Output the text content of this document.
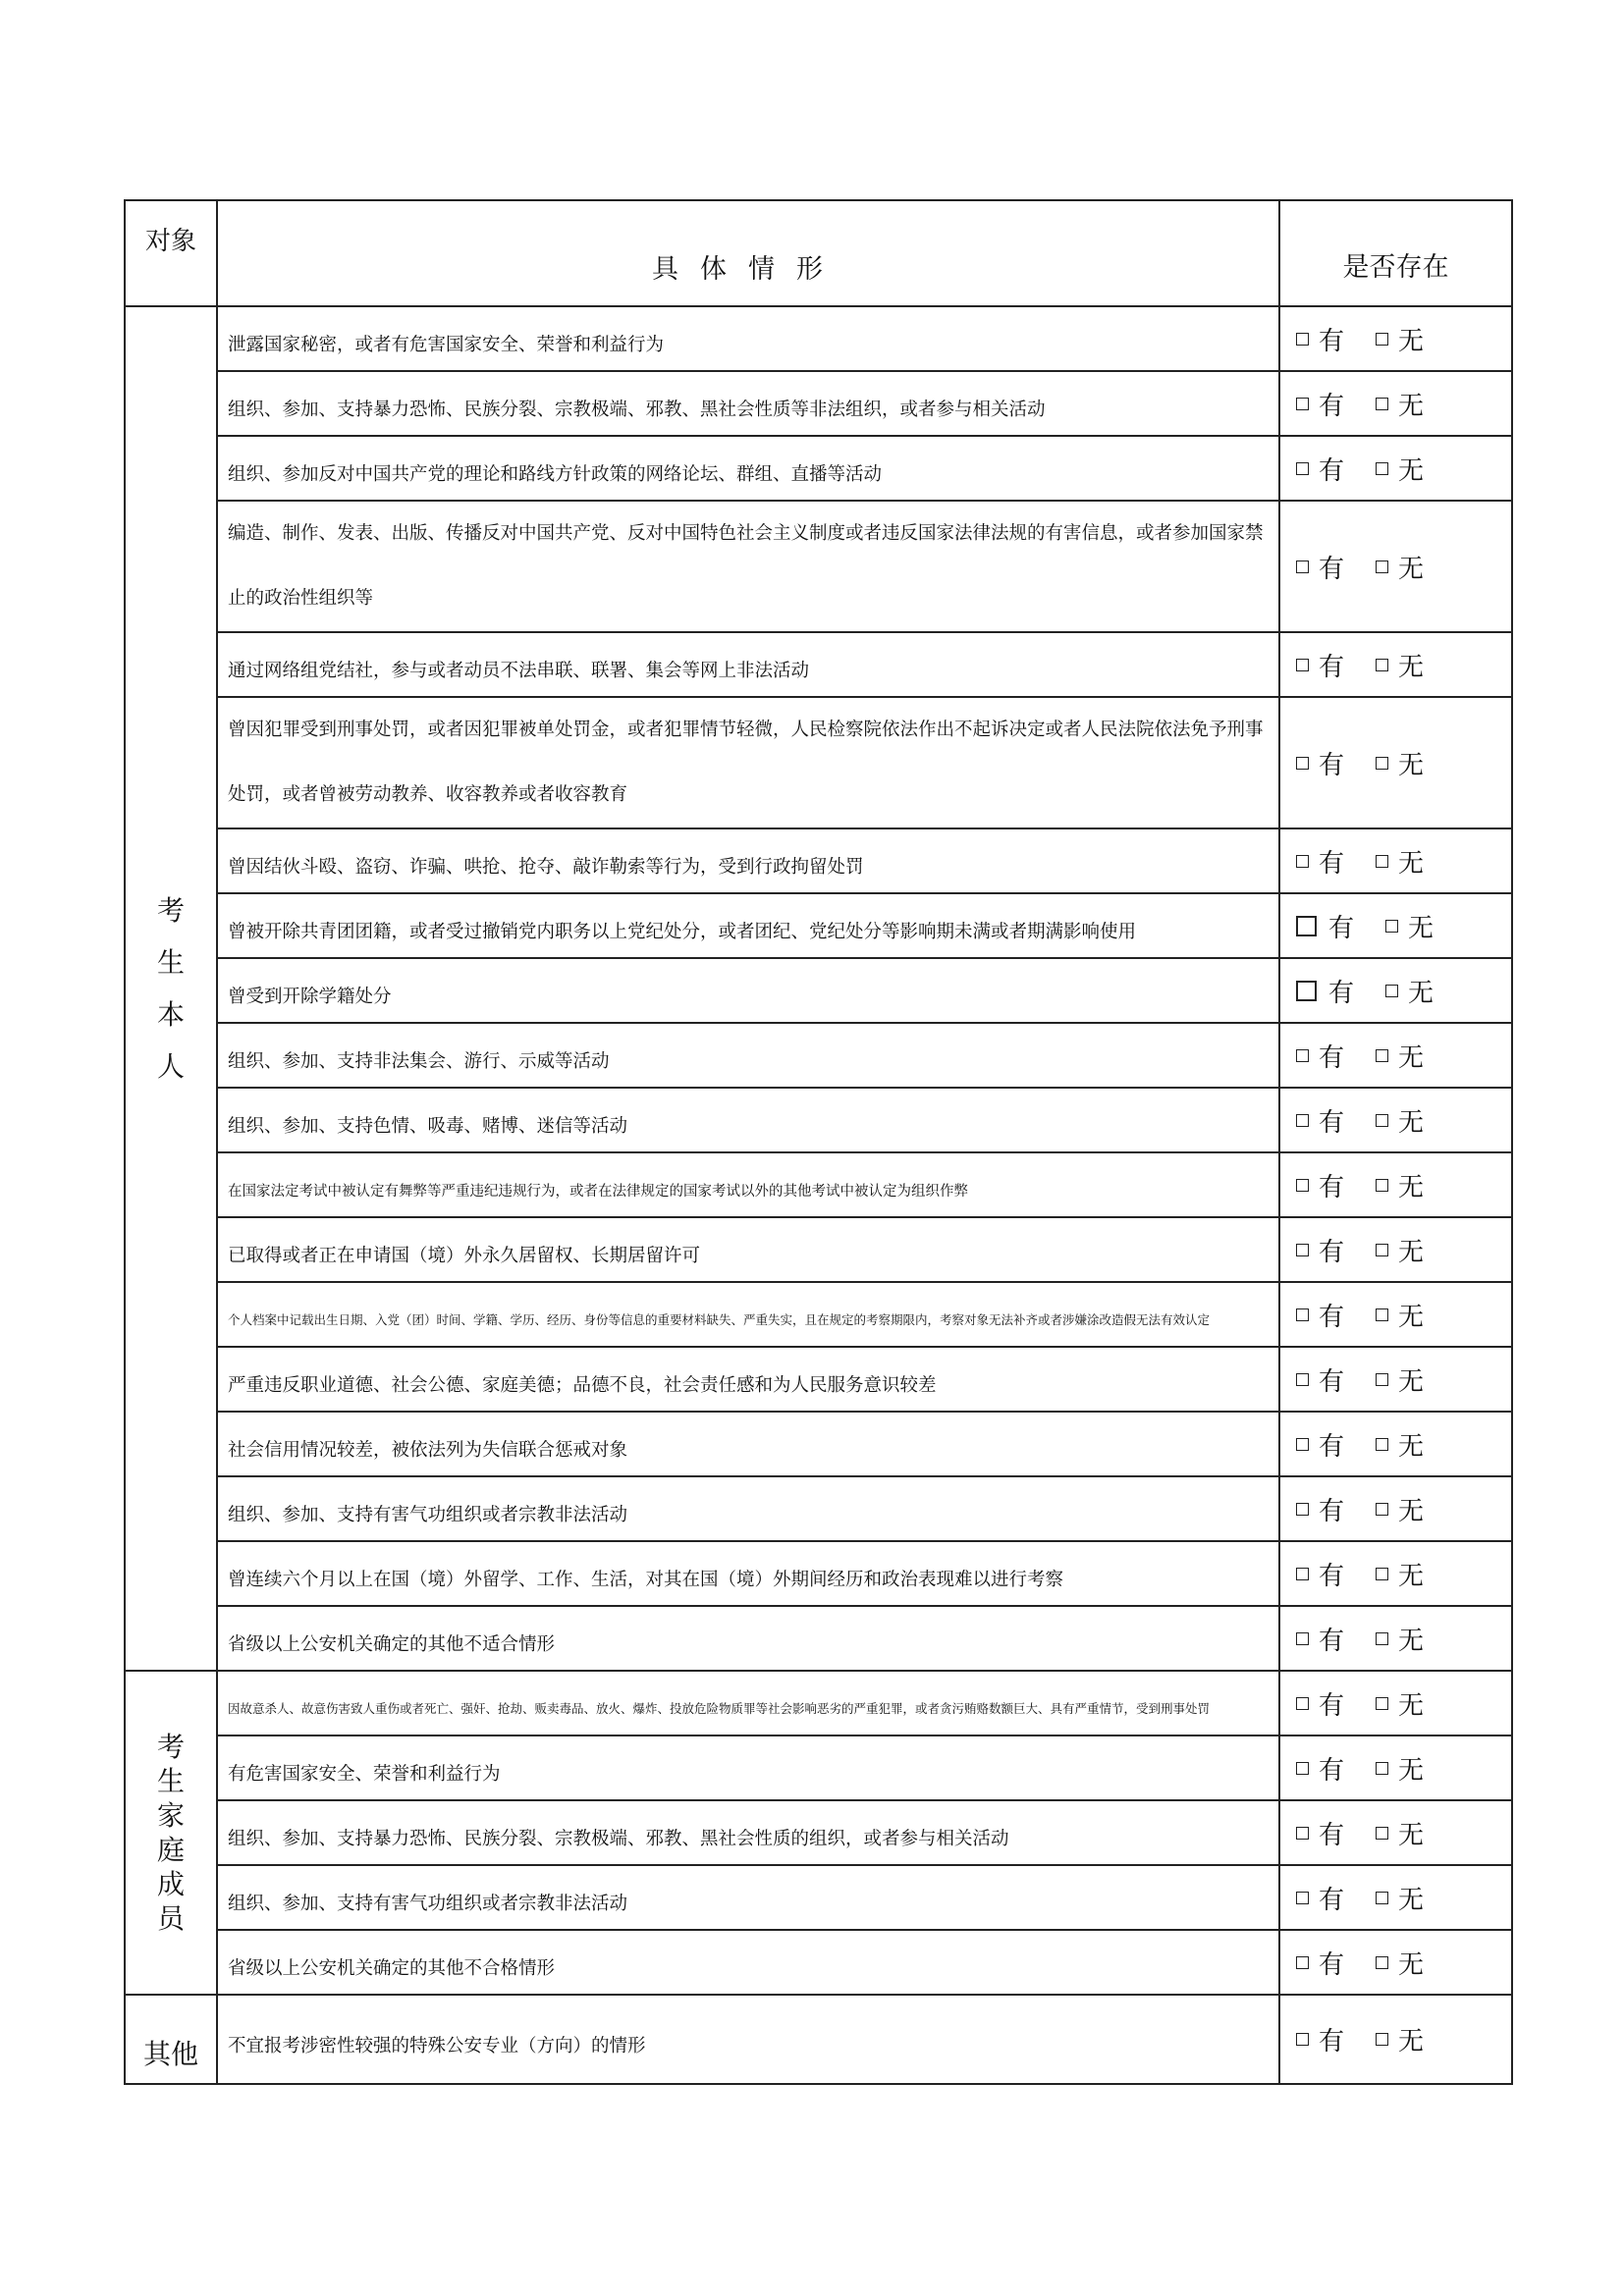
对象	具体情形	是否存在
考生本人	泄露国家秘密，或者有危害国家安全、荣誉和利益行为	有 无
	组织、参加、支持暴力恐怖、民族分裂、宗教极端、邪教、黑社会性质等非法组织，或者参与相关活动	有 无
	组织、参加反对中国共产党的理论和路线方针政策的网络论坛、群组、直播等活动	有 无
	编造、制作、发表、出版、传播反对中国共产党、反对中国特色社会主义制度或者违反国家法律法规的有害信息，或者参加国家禁止的政治性组织等	有 无
	通过网络组党结社，参与或者动员不法串联、联署、集会等网上非法活动	有 无
	曾因犯罪受到刑事处罚，或者因犯罪被单处罚金，或者犯罪情节轻微，人民检察院依法作出不起诉决定或者人民法院依法免予刑事处罚，或者曾被劳动教养、收容教养或者收容教育	有 无
	曾因结伙斗殴、盗窃、诈骗、哄抢、抢夺、敲诈勒索等行为，受到行政拘留处罚	有 无
	曾被开除共青团团籍，或者受过撤销党内职务以上党纪处分，或者团纪、党纪处分等影响期未满或者期满影响使用	有 无
	曾受到开除学籍处分	有 无
	组织、参加、支持非法集会、游行、示威等活动	有 无
	组织、参加、支持色情、吸毒、赌博、迷信等活动	有 无
	在国家法定考试中被认定有舞弊等严重违纪违规行为，或者在法律规定的国家考试以外的其他考试中被认定为组织作弊	有 无
	已取得或者正在申请国（境）外永久居留权、长期居留许可	有 无
	个人档案中记载出生日期、入党（团）时间、学籍、学历、经历、身份等信息的重要材料缺失、严重失实，且在规定的考察期限内，考察对象无法补齐或者涉嫌涂改造假无法有效认定	有 无
	严重违反职业道德、社会公德、家庭美德；品德不良，社会责任感和为人民服务意识较差	有 无
	社会信用情况较差，被依法列为失信联合惩戒对象	有 无
	组织、参加、支持有害气功组织或者宗教非法活动	有 无
	曾连续六个月以上在国（境）外留学、工作、生活，对其在国（境）外期间经历和政治表现难以进行考察	有 无
	省级以上公安机关确定的其他不适合情形	有 无
考生家庭成员	因故意杀人、故意伤害致人重伤或者死亡、强奸、抢劫、贩卖毒品、放火、爆炸、投放危险物质罪等社会影响恶劣的严重犯罪，或者贪污贿赂数额巨大、具有严重情节，受到刑事处罚	有 无
	有危害国家安全、荣誉和利益行为	有 无
	组织、参加、支持暴力恐怖、民族分裂、宗教极端、邪教、黑社会性质的组织，或者参与相关活动	有 无
	组织、参加、支持有害气功组织或者宗教非法活动	有 无
	省级以上公安机关确定的其他不合格情形	有 无
其他	不宜报考涉密性较强的特殊公安专业（方向）的情形	有 无
